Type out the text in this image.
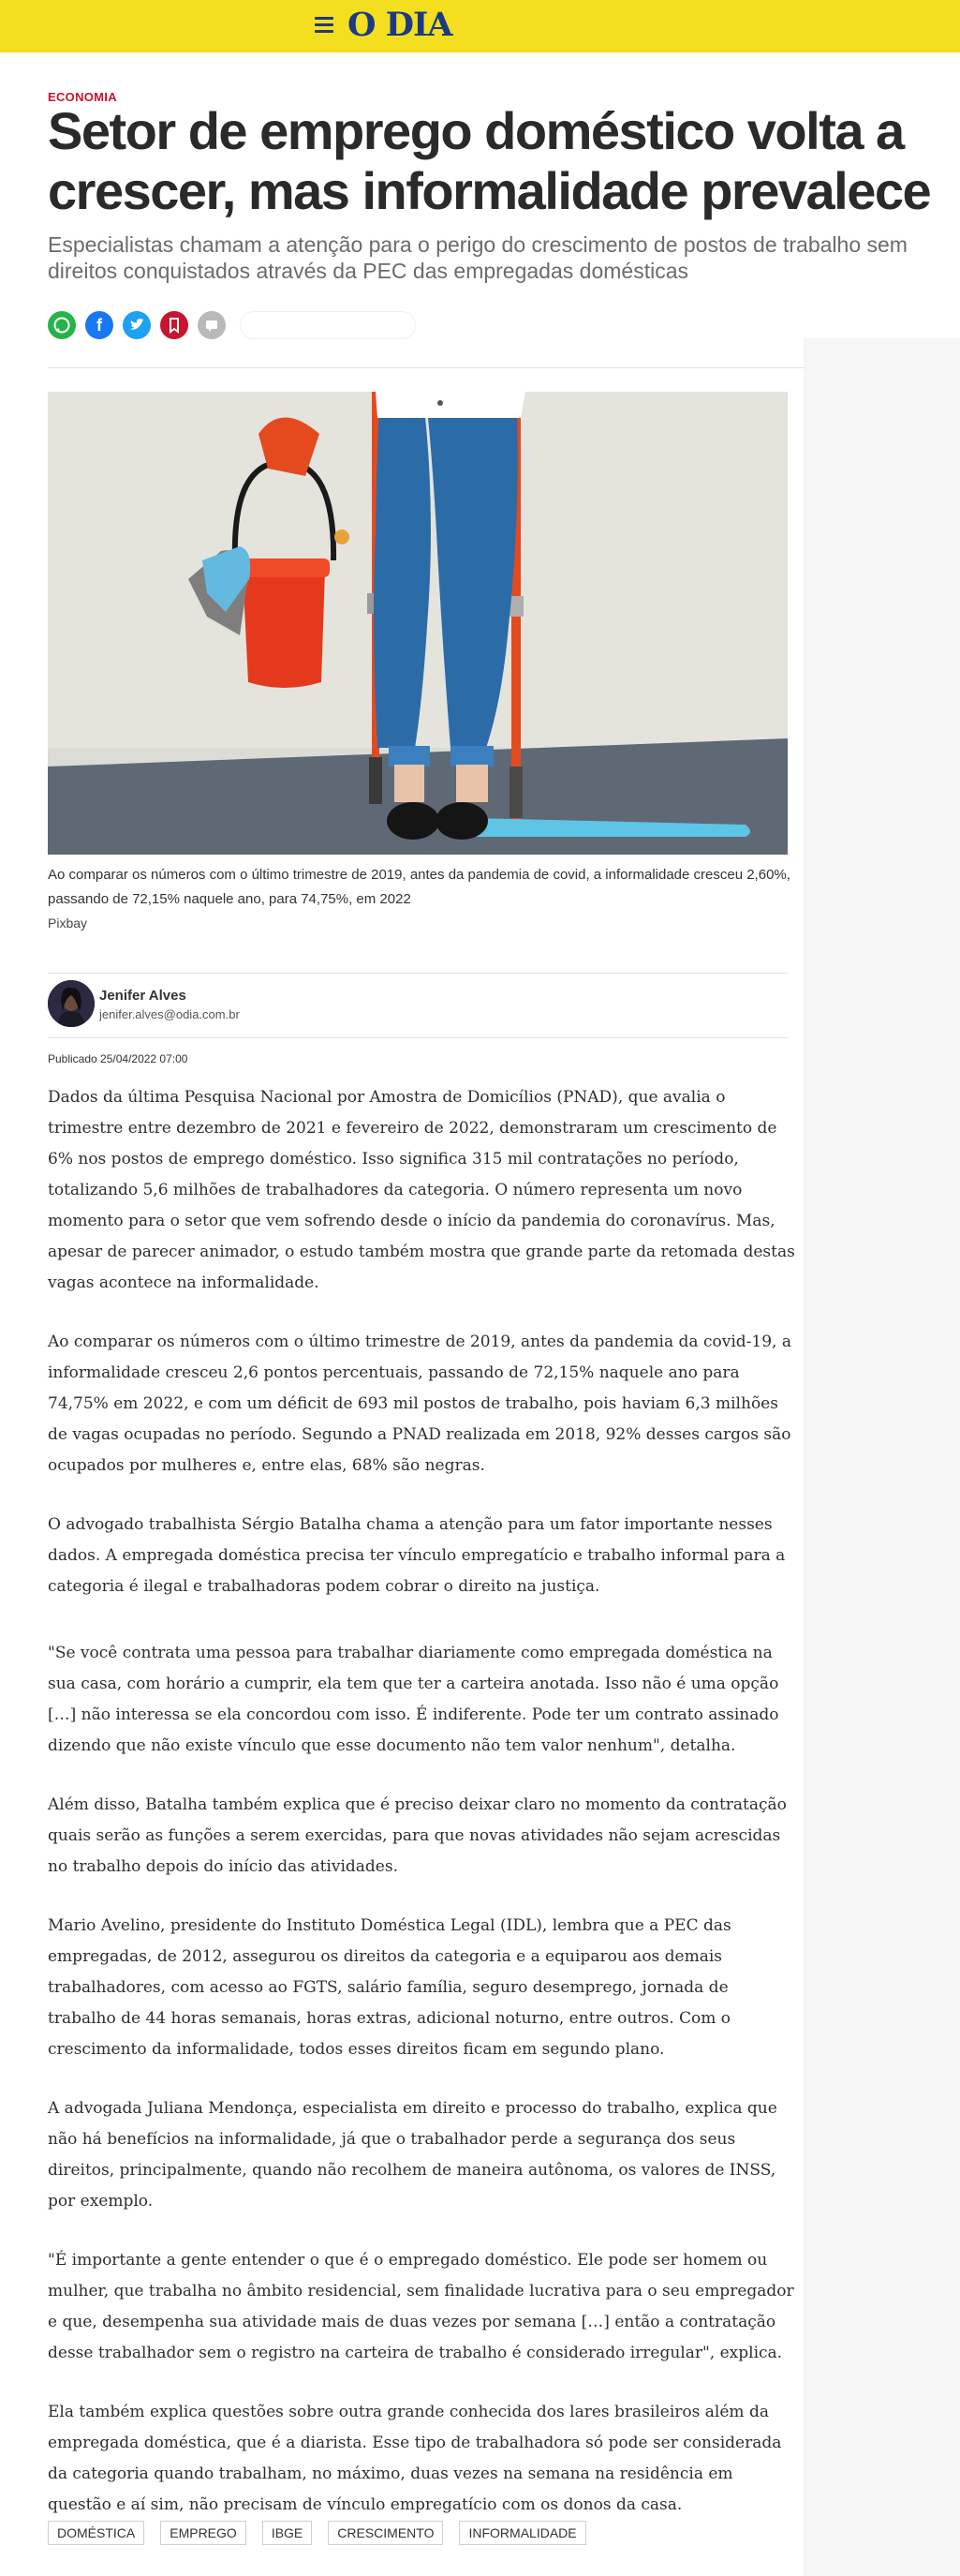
O DIA
ECONOMIA
Setor de emprego doméstico volta a crescer, mas informalidade prevalece
Especialistas chamam a atenção para o perigo do crescimento de postos de trabalho sem direitos conquistados através da PEC das empregadas domésticas
f
Ao comparar os números com o último trimestre de 2019, antes da pandemia de covid, a informalidade cresceu 2,60%, passando de 72,15% naquele ano, para 74,75%, em 2022
Pixbay
Jenifer Alves
jenifer.alves@odia.com.br
Publicado 25/04/2022 07:00

Dados da última Pesquisa Nacional por Amostra de Domicílios (PNAD), que avalia o trimestre entre dezembro de 2021 e fevereiro de 2022, demonstraram um crescimento de 6% nos postos de emprego doméstico. Isso significa 315 mil contratações no período, totalizando 5,6 milhões de trabalhadores da categoria. O número representa um novo momento para o setor que vem sofrendo desde o início da pandemia do coronavírus. Mas, apesar de parecer animador, o estudo também mostra que grande parte da retomada destas vagas acontece na informalidade.

Ao comparar os números com o último trimestre de 2019, antes da pandemia da covid-19, a informalidade cresceu 2,6 pontos percentuais, passando de 72,15% naquele ano para 74,75% em 2022, e com um déficit de 693 mil postos de trabalho, pois haviam 6,3 milhões de vagas ocupadas no período. Segundo a PNAD realizada em 2018, 92% desses cargos são ocupados por mulheres e, entre elas, 68% são negras.

O advogado trabalhista Sérgio Batalha chama a atenção para um fator importante nesses dados. A empregada doméstica precisa ter vínculo empregatício e trabalho informal para a categoria é ilegal e trabalhadoras podem cobrar o direito na justiça.

"Se você contrata uma pessoa para trabalhar diariamente como empregada doméstica na sua casa, com horário a cumprir, ela tem que ter a carteira anotada. Isso não é uma opção […] não interessa se ela concordou com isso. É indiferente. Pode ter um contrato assinado dizendo que não existe vínculo que esse documento não tem valor nenhum", detalha.

Além disso, Batalha também explica que é preciso deixar claro no momento da contratação quais serão as funções a serem exercidas, para que novas atividades não sejam acrescidas no trabalho depois do início das atividades.

Mario Avelino, presidente do Instituto Doméstica Legal (IDL), lembra que a PEC das empregadas, de 2012, assegurou os direitos da categoria e a equiparou aos demais trabalhadores, com acesso ao FGTS, salário família, seguro desemprego, jornada de trabalho de 44 horas semanais, horas extras, adicional noturno, entre outros. Com o crescimento da informalidade, todos esses direitos ficam em segundo plano.

A advogada Juliana Mendonça, especialista em direito e processo do trabalho, explica que não há benefícios na informalidade, já que o trabalhador perde a segurança dos seus direitos, principalmente, quando não recolhem de maneira autônoma, os valores de INSS, por exemplo.

"É importante a gente entender o que é o empregado doméstico. Ele pode ser homem ou mulher, que trabalha no âmbito residencial, sem finalidade lucrativa para o seu empregador e que, desempenha sua atividade mais de duas vezes por semana […] então a contratação desse trabalhador sem o registro na carteira de trabalho é considerado irregular", explica.

Ela também explica questões sobre outra grande conhecida dos lares brasileiros além da empregada doméstica, que é a diarista. Esse tipo de trabalhadora só pode ser considerada da categoria quando trabalham, no máximo, duas vezes na semana na residência em questão e aí sim, não precisam de vínculo empregatício com os donos da casa.

DOMÉSTICA	EMPREGO	IBGE	CRESCIMENTO	INFORMALIDADE
